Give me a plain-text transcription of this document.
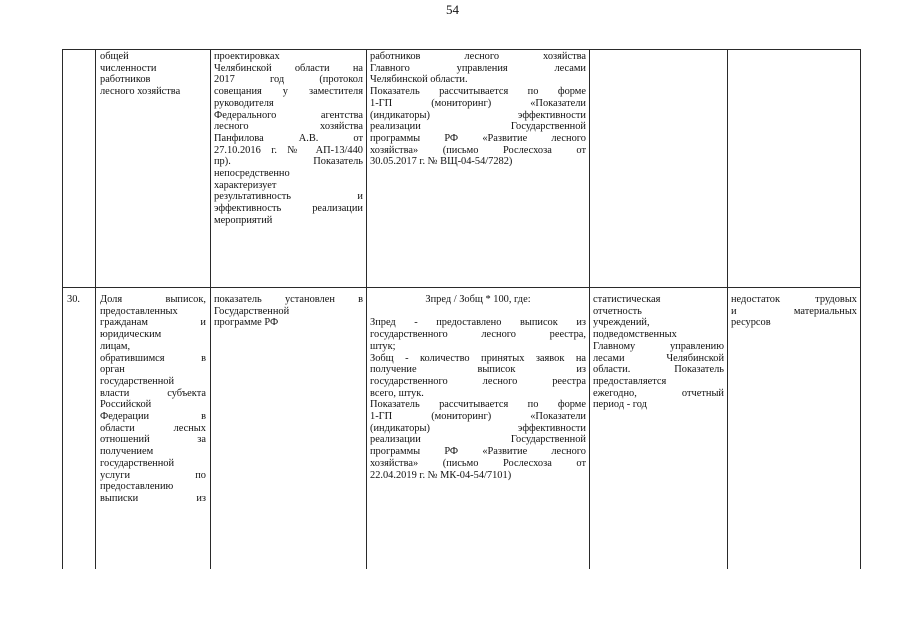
54
общей
численности
работников
лесного хозяйства
проектировках
Челябинской области на
2017 год (протокол
совещания у заместителя
руководителя
Федерального агентства
лесного хозяйства
Панфилова А.В. от
27.10.2016 г. № АП-13/440
пр). Показатель
непосредственно
характеризует
результативность и
эффективность реализации
мероприятий
работников лесного хозяйства
Главного управления лесами
Челябинской области.
Показатель рассчитывается по форме
1-ГП (мониторинг) «Показатели
(индикаторы) эффективности
реализации Государственной
программы РФ «Развитие лесного
хозяйства» (письмо Рослесхоза от
30.05.2017 г. № ВЩ-04-54/7282)
30.	Доля выписок,
предоставленных
гражданам и
юридическим
лицам,
обратившимся в
орган
государственной
власти субъекта
Российской
Федерации в
области лесных
отношений за
получением
государственной
услуги по
предоставлению
выписки из
показатель установлен в
Государственной
программе РФ
Зпред / Зобщ * 100, где:
Зпред - предоставлено выписок из
государственного лесного реестра,
штук;
Зобщ - количество принятых заявок на
получение выписок из
государственного лесного реестра
всего, штук.
Показатель рассчитывается по форме
1-ГП (мониторинг) «Показатели
(индикаторы) эффективности
реализации Государственной
программы РФ «Развитие лесного
хозяйства» (письмо Рослесхоза от
22.04.2019 г. № МК-04-54/7101)
статистическая
отчетность
учреждений,
подведомственных
Главному управлению
лесами Челябинской
области. Показатель
предоставляется
ежегодно, отчетный
период - год
недостаток трудовых
и материальных
ресурсов
